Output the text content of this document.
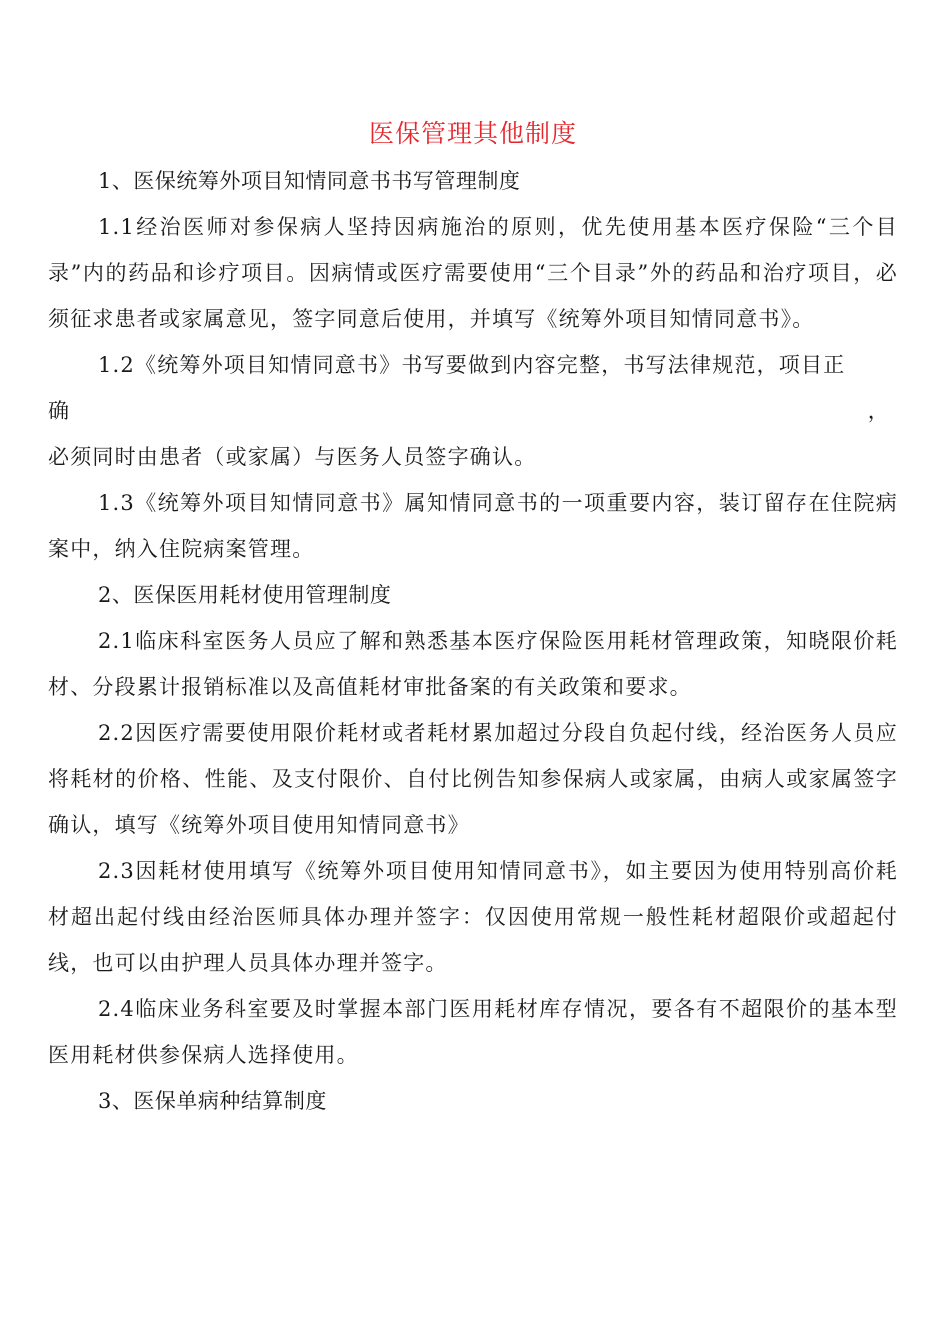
医保管理其他制度

1、医保统筹外项目知情同意书书写管理制度

1.1经治医师对参保病人坚持因病施治的原则，优先使用基本医疗保险“三个目录”内的药品和诊疗项目。因病情或医疗需要使用“三个目录”外的药品和治疗项目，必须征求患者或家属意见，签字同意后使用，并填写《统筹外项目知情同意书》。

1.2《统筹外项目知情同意书》书写要做到内容完整，书写法律规范，项目正

确	，

必须同时由患者（或家属）与医务人员签字确认。

1.3《统筹外项目知情同意书》属知情同意书的一项重要内容，装订留存在住院病案中，纳入住院病案管理。

2、医保医用耗材使用管理制度

2.1临床科室医务人员应了解和熟悉基本医疗保险医用耗材管理政策，知晓限价耗材、分段累计报销标准以及高值耗材审批备案的有关政策和要求。

2.2因医疗需要使用限价耗材或者耗材累加超过分段自负起付线，经治医务人员应将耗材的价格、性能、及支付限价、自付比例告知参保病人或家属，由病人或家属签字确认，填写《统筹外项目使用知情同意书》

2.3因耗材使用填写《统筹外项目使用知情同意书》，如主要因为使用特别高价耗材超出起付线由经治医师具体办理并签字：仅因使用常规一般性耗材超限价或超起付线，也可以由护理人员具体办理并签字。

2.4临床业务科室要及时掌握本部门医用耗材库存情况，要各有不超限价的基本型医用耗材供参保病人选择使用。

3、医保单病种结算制度
